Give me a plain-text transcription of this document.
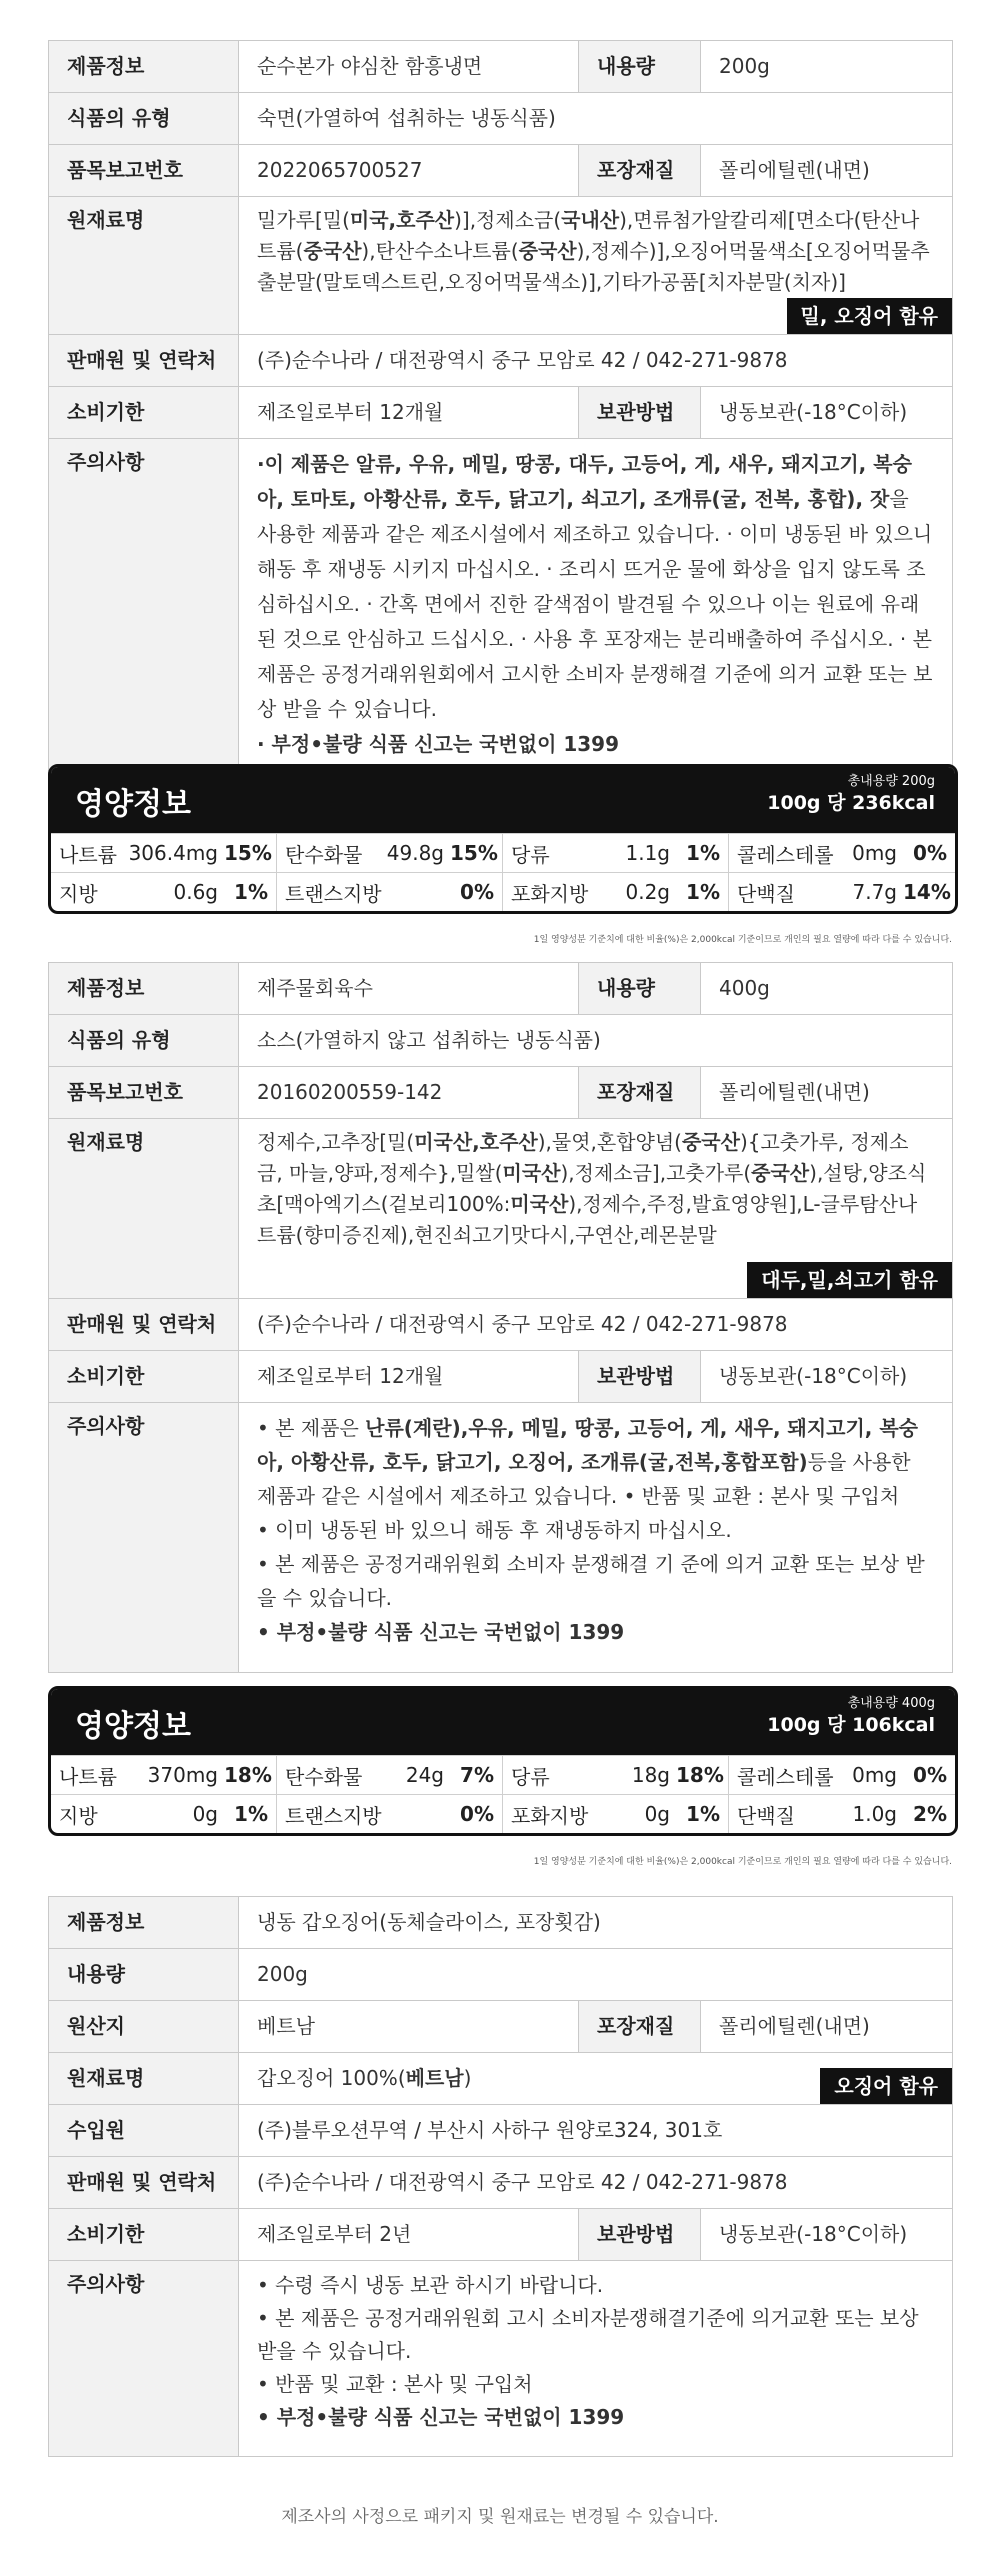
제품정보	순수본가 야심찬 함흥냉면	내용량	200g
식품의 유형	숙면(가열하여 섭취하는 냉동식품)		
품목보고번호	2022065700527	포장재질	폴리에틸렌(내면)
원재료명	밀가루[밀(미국,호주산)],정제소금(국내산),면류첨가알칼리제[면소다(탄산나트륨(중국산),탄산수소나트륨(중국산),정제수)],오징어먹물색소[오징어먹물추출분말(말토덱스트린,오징어먹물색소)],기타가공품[치자분말(치자)]
밀, 오징어 함유		

판매원 및 연락처	(주)순수나라 / 대전광역시 중구 모암로 42 / 042-271-9878		
소비기한	제조일로부터 12개월	보관방법	냉동보관(-18°C이하)
주의사항	·이 제품은 알류, 우유, 메밀, 땅콩, 대두, 고등어, 게, 새우, 돼지고기, 복숭아, 토마토, 아황산류, 호두, 닭고기, 쇠고기, 조개류(굴, 전복, 홍합), 잣을 사용한 제품과 같은 제조시설에서 제조하고 있습니다. · 이미 냉동된 바 있으니 해동 후 재냉동 시키지 마십시오. · 조리시 뜨거운 물에 화상을 입지 않도록 조심하십시오. · 간혹 면에서 진한 갈색점이 발견될 수 있으나 이는 원료에 유래된 것으로 안심하고 드십시오. · 사용 후 포장재는 분리배출하여 주십시오. · 본 제품은 공정거래위원회에서 고시한 소비자 분쟁해결 기준에 의거 교환 또는 보상 받을 수 있습니다.

· 부정•불량 식품 신고는 국번없이 1399		

영양정보
총내용량 200g
100g 당 236kcal
나트륨 306.4mg 15% 탄수화물	49.8g 15% 당류	1.1g 1% 콜레스테롤 0mg 0%
지방	0.6g 1% 트랜스지방	0% 포화지방	0.2g 1% 단백질	7.7g 14%
1일 영양성분 기준치에 대한 비율(%)은 2,000kcal 기준이므로 개인의 필요 열량에 따라 다를 수 있습니다.
제품정보	제주물회육수	내용량	400g
식품의 유형	소스(가열하지 않고 섭취하는 냉동식품)		
품목보고번호	20160200559-142	포장재질	폴리에틸렌(내면)
원재료명	정제수,고추장[밀(미국산,호주산),물엿,혼합양념(중국산){고춧가루, 정제소금, 마늘,양파,정제수},밀쌀(미국산),정제소금],고춧가루(중국산),설탕,양조식초[맥아엑기스(겉보리100%:미국산),정제수,주정,발효영양원],L-글루탐산나트륨(향미증진제),현진쇠고기맛다시,구연산,레몬분말
대두,밀,쇠고기 함유		

판매원 및 연락처	(주)순수나라 / 대전광역시 중구 모암로 42 / 042-271-9878		
소비기한	제조일로부터 12개월	보관방법	냉동보관(-18°C이하)
주의사항	• 본 제품은 난류(계란),우유, 메밀, 땅콩, 고등어, 게, 새우, 돼지고기, 복숭아, 아황산류, 호두, 닭고기, 오징어, 조개류(굴,전복,홍합포함)등을 사용한 제품과 같은 시설에서 제조하고 있습니다. • 반품 및 교환 : 본사 및 구입처

• 이미 냉동된 바 있으니 해동 후 재냉동하지 마십시오.

• 본 제품은 공정거래위원회 소비자 분쟁해결 기 준에 의거 교환 또는 보상 받을 수 있습니다.

• 부정•불량 식품 신고는 국번없이 1399		

영양정보
총내용량 400g
100g 당 106kcal
나트륨	370mg 18% 탄수화물	24g 7% 당류	18g 18% 콜레스테롤 0mg 0%
지방	0g 1% 트랜스지방	0% 포화지방	0g 1% 단백질	1.0g 2%
1일 영양성분 기준치에 대한 비율(%)은 2,000kcal 기준이므로 개인의 필요 열량에 따라 다를 수 있습니다.
제품정보	냉동 갑오징어(동체슬라이스, 포장횟감)		
내용량	200g		
원산지	베트남	포장재질	폴리에틸렌(내면)
원재료명	갑오징어 100%(베트남) 오징어 함유		

수입원	(주)블루오션무역 / 부산시 사하구 원양로324, 301호		
판매원 및 연락처	(주)순수나라 / 대전광역시 중구 모암로 42 / 042-271-9878		
소비기한	제조일로부터 2년	보관방법	냉동보관(-18°C이하)
주의사항	• 수령 즉시 냉동 보관 하시기 바랍니다.

• 본 제품은 공정거래위원회 고시 소비자분쟁해결기준에 의거교환 또는 보상 받을 수 있습니다.

• 반품 및 교환 : 본사 및 구입처

• 부정•불량 식품 신고는 국번없이 1399		

제조사의 사정으로 패키지 및 원재료는 변경될 수 있습니다.
